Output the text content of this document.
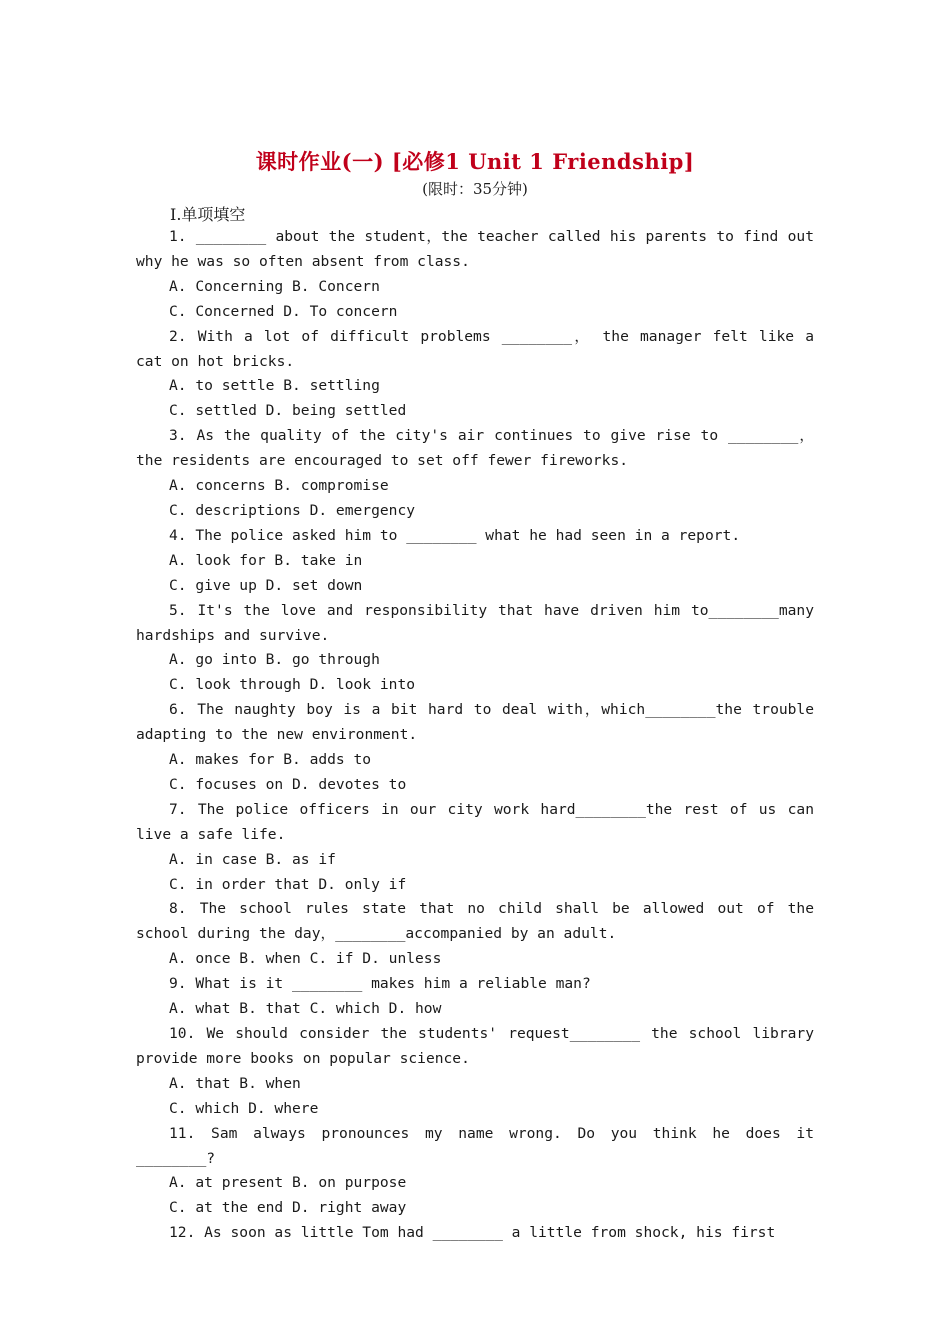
课时作业(一) [必修1 Unit 1 Friendship]
(限时：35分钟)
Ⅰ.单项填空

1. ________ about the student，the teacher called his parents to find out why he was so often absent from class.

A. Concerning B. Concern
C. Concerned D. To concern

2. With a lot of difficult problems ________， the manager felt like a cat on hot bricks.

A. to settle B. settling
C. settled D. being settled

3. As the quality of the city's air continues to give rise to ________， the residents are encouraged to set off fewer fireworks.

A. concerns B. compromise
C. descriptions D. emergency

4. The police asked him to ________ what he had seen in a report.

A. look for B. take in
C. give up D. set down

5. It's the love and responsibility that have driven him to________many hardships and survive.

A. go into B. go through
C. look through D. look into

6. The naughty boy is a bit hard to deal with，which________the trouble adapting to the new environment.

A. makes for B. adds to
C. focuses on D. devotes to

7. The police officers in our city work hard________the rest of us can live a safe life.

A. in case B. as if
C. in order that D. only if

8. The school rules state that no child shall be allowed out of the school during the day，________accompanied by an adult.

A. once B. when C. if D. unless

9. What is it ________ makes him a reliable man?

A. what B. that C. which D. how

10. We should consider the students' request________ the school library provide more books on popular science.

A. that B. when
C. which D. where

11. Sam always pronounces my name wrong. Do you think he does it ________?

A. at present B. on purpose
C. at the end D. right away

12. As soon as little Tom had ________ a little from shock, his first
